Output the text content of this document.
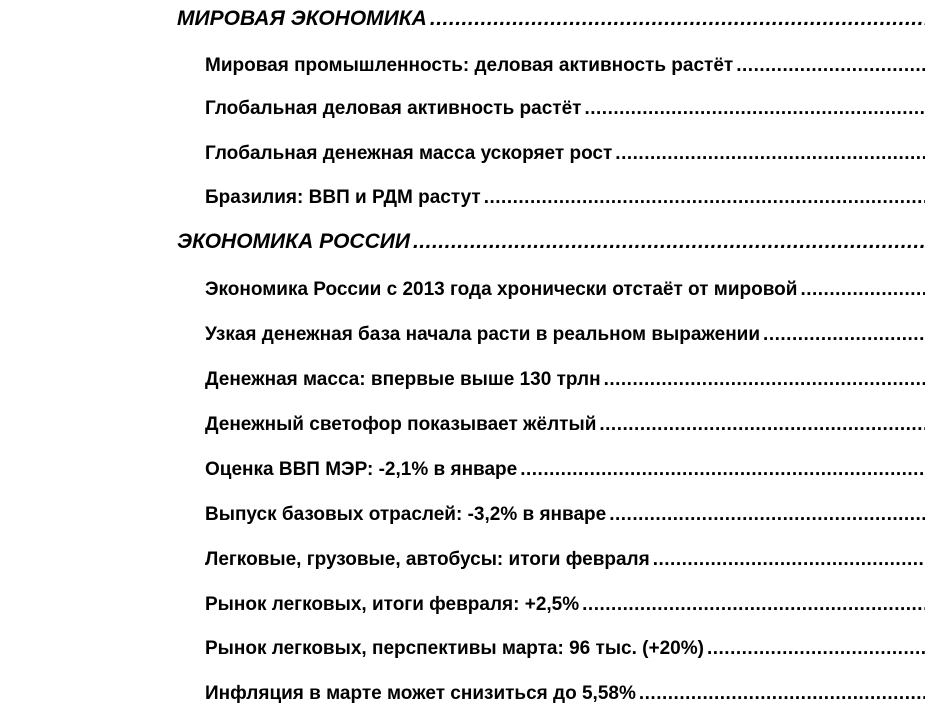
МИРОВАЯ ЭКОНОМИКА
.....
Мировая промышленность: деловая активность растёт
.....
Глобальная деловая активность растёт
.....
Глобальная денежная масса ускоряет рост
.....
Бразилия: ВВП и РДМ растут
.....
ЭКОНОМИКА РОССИИ
.....
Экономика России с 2013 года хронически отстаёт от мировой
.....
Узкая денежная база начала расти в реальном выражении
.....
Денежная масса: впервые выше 130 трлн
.....
Денежный светофор показывает жёлтый
.....
Оценка ВВП МЭР: -2,1% в январе
.....
Выпуск базовых отраслей: -3,2% в январе
.....
Легковые, грузовые, автобусы: итоги февраля
.....
Рынок легковых, итоги февраля: +2,5%
.....
Рынок легковых, перспективы марта: 96 тыс. (+20%)
.....
Инфляция в марте может снизиться до 5,58%
.....
